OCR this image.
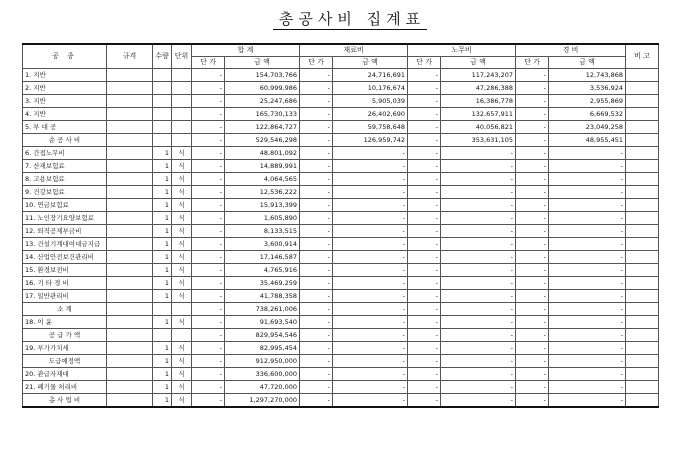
총공사비 집계표
공 종	규격	수량	단위	합 계		재료비		노무비		경 비		비 고
				단 가	금 액	단 가	금 액	단 가	금 액	단 가	금 액	
1. 지반				-	154,703,766	-	24,716,691	-	117,243,207	-	12,743,868	
2. 지반				-	60,999,986	-	10,176,674	-	47,286,388	-	3,536,924	
3. 지반				-	25,247,686	-	5,905,039	-	16,386,778	-	2,955,869	
4. 지반				-	165,730,133	-	26,402,690	-	132,657,911	-	6,669,532	
5. 부 대 공				-	122,864,727	-	59,758,648	-	40,056,821	-	23,049,258	
순 공 사 비				-	529,546,298	-	126,959,742	-	353,631,105	-	48,955,451	
6. 간접노무비		1	식	-	48,801,092	-	-	-	-	-	-	
7. 산재보험료		1	식	-	14,889,991	-	-	-	-	-	-	
8. 고용보험료		1	식	-	4,064,565	-	-	-	-	-	-	
9. 건강보험료		1	식	-	12,536,222	-	-	-	-	-	-	
10. 연금보험료		1	식	-	15,913,399	-	-	-	-	-	-	
11. 노인장기요양보험료		1	식	-	1,605,890	-	-	-	-	-	-	
12. 퇴직공제부금비		1	식	-	8,133,515	-	-	-	-	-	-	
13. 건설기계대여대금지급		1	식	-	3,600,914	-	-	-	-	-	-	
14. 산업안전보건관리비		1	식	-	17,146,587	-	-	-	-	-	-	
15. 환경보전비		1	식	-	4,765,916	-	-	-	-	-	-	
16. 기 타 경 비		1	식	-	35,469,259	-	-	-	-	-	-	
17. 일반관리비		1	식	-	41,788,358	-	-	-	-	-	-	
소 계				-	738,261,006	-	-	-	-	-	-	
18. 이 윤		1	식	-	91,693,540	-	-	-	-	-	-	
공 급 가 액				-	829,954,546	-	-	-	-	-	-	
19. 부가가치세		1	식	-	82,995,454	-	-	-	-	-	-	
도급예정액		1	식	-	912,950,000	-	-	-	-	-	-	
20. 관급자재대		1	식	-	336,600,000	-	-	-	-	-	-	
21. 폐기물 처리비		1	식	-	47,720,000	-	-	-	-	-	-	
총 사 업 비		1	식	-	1,297,270,000	-	-	-	-	-	-	
